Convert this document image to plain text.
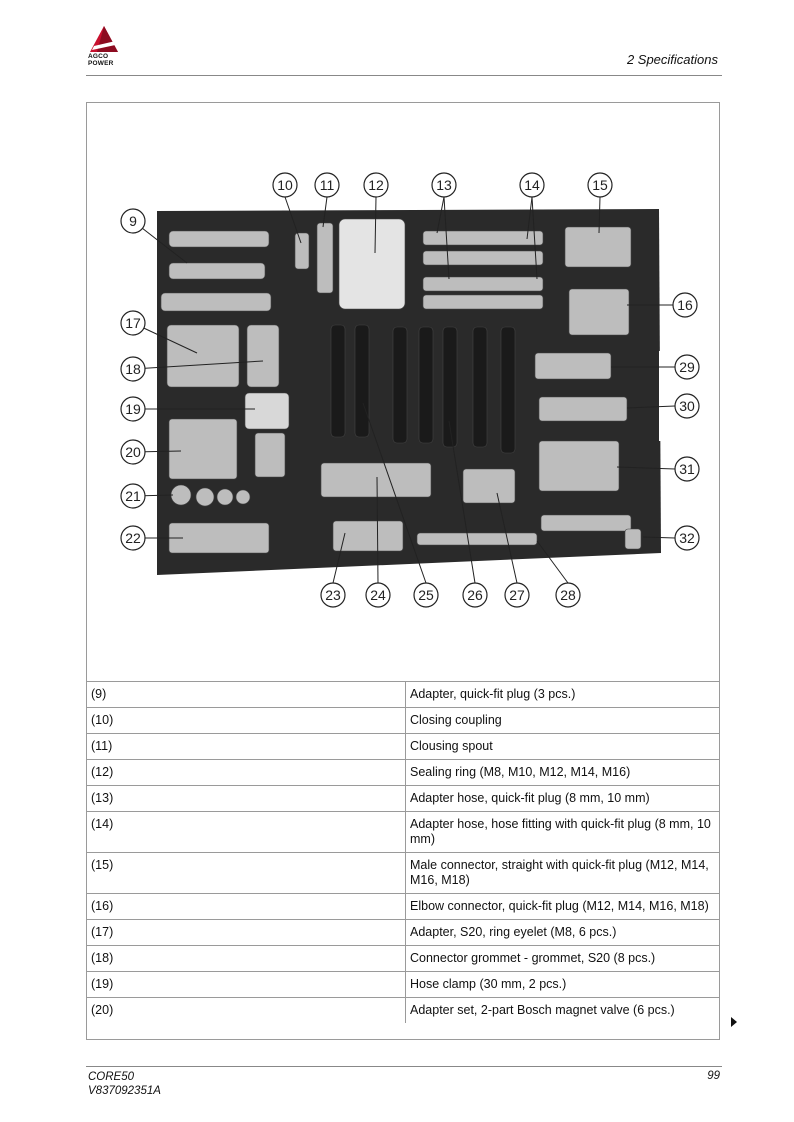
AGCO
POWER	2 Specifications
9
10 11 12	13	14	15
16
17
18
19
20
21
22
23 24 25 26 27	28
29
30
31
32
(9)	Adapter, quick-fit plug (3 pcs.)
(10)	Closing coupling
(11)	Clousing spout
(12)	Sealing ring (M8, M10, M12, M14, M16)
(13)	Adapter hose, quick-fit plug (8 mm, 10 mm)
(14)	Adapter hose, hose fitting with quick-fit plug (8 mm, 10 mm)
(15)	Male connector, straight with quick-fit plug (M12, M14, M16, M18)
(16)	Elbow connector, quick-fit plug (M12, M14, M16, M18)
(17)	Adapter, S20, ring eyelet (M8, 6 pcs.)
(18)	Connector grommet - grommet, S20 (8 pcs.)
(19)	Hose clamp (30 mm, 2 pcs.)
(20)	Adapter set, 2-part Bosch magnet valve (6 pcs.)
CORE50
V837092351A
99
